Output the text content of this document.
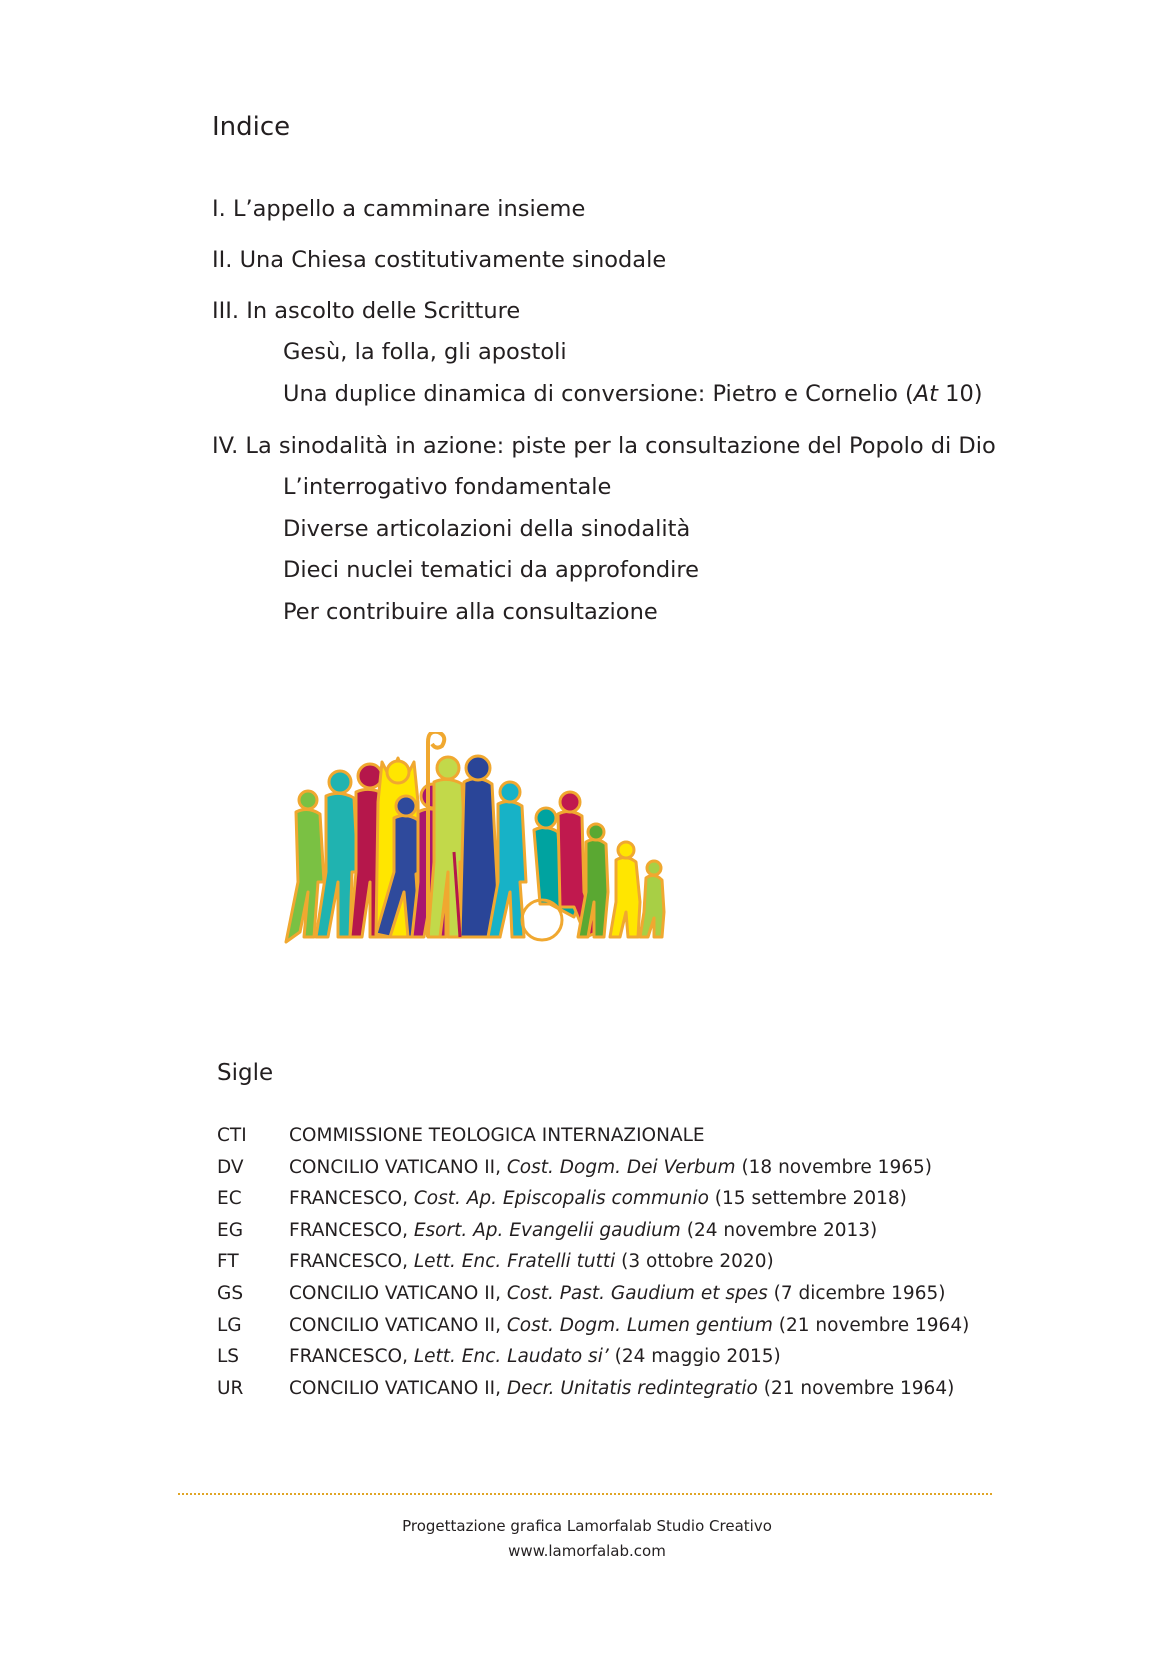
Indice
I. L’appello a camminare insieme
II. Una Chiesa costitutivamente sinodale
III. In ascolto delle Scritture
Gesù, la folla, gli apostoli
Una duplice dinamica di conversione: Pietro e Cornelio (At 10)
IV. La sinodalità in azione: piste per la consultazione del Popolo di Dio
L’interrogativo fondamentale
Diverse articolazioni della sinodalità
Dieci nuclei tematici da approfondire
Per contribuire alla consultazione
Sigle
CTI COMMISSIONE TEOLOGICA INTERNAZIONALE
DV CONCILIO VATICANO II, Cost. Dogm. Dei Verbum (18 novembre 1965)
EC	FRANCESCO, Cost. Ap. Episcopalis communio (15 settembre 2018)
EG FRANCESCO, Esort. Ap. Evangelii gaudium (24 novembre 2013)
FT	FRANCESCO, Lett. Enc. Fratelli tutti (3 ottobre 2020)
GS CONCILIO VATICANO II, Cost. Past. Gaudium et spes (7 dicembre 1965)
LG	CONCILIO VATICANO II, Cost. Dogm. Lumen gentium (21 novembre 1964)
LS	FRANCESCO, Lett. Enc. Laudato si’ (24 maggio 2015)
UR CONCILIO VATICANO II, Decr. Unitatis redintegratio (21 novembre 1964)
Progettazione grafica Lamorfalab Studio Creativo
www.lamorfalab.com
